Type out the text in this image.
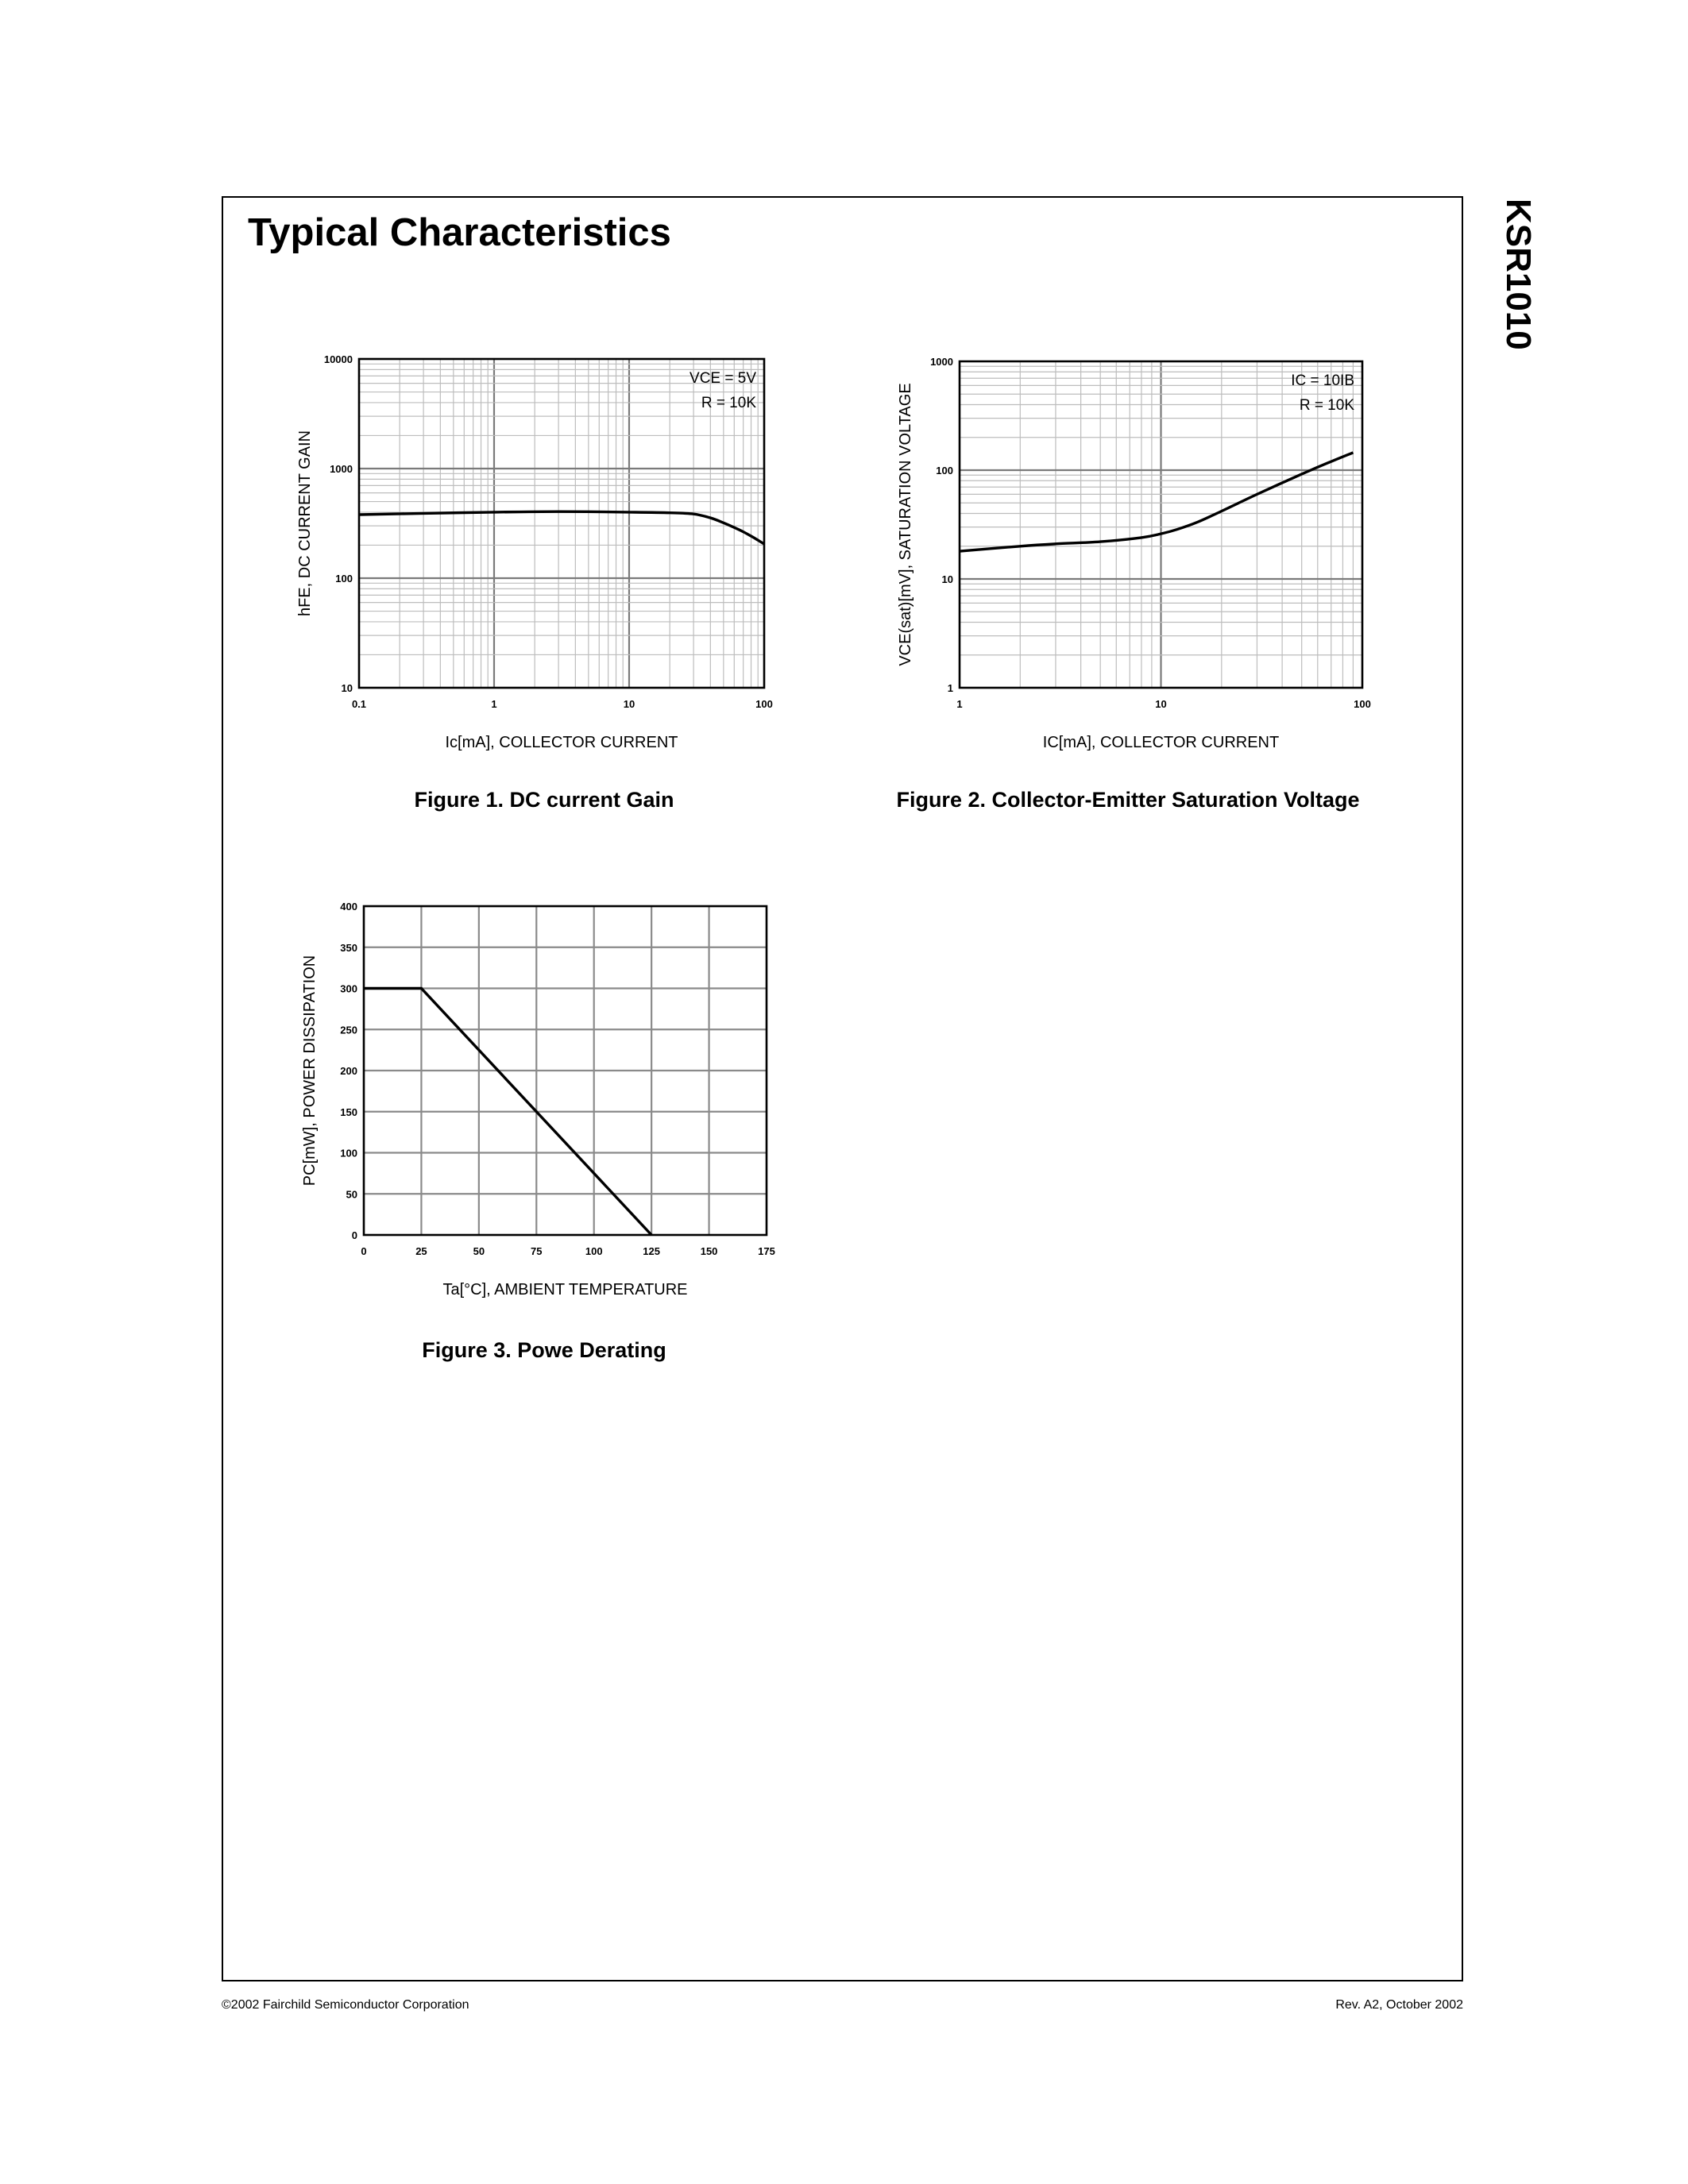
Typical Characteristics	KSR1010
0.1	1	10	100
10
100
1000
10000
Ic[mA], COLLECTOR CURRENT
hFE, DC CURRENT GAIN
VCE = 5V
R = 10K
Figure 1. DC current Gain
1	10	100
1
10
100
1000
IC[mA], COLLECTOR CURRENT
VCE(sat)[mV], SATURATION VOLTAGE
IC = 10IB
R = 10K
Figure 2. Collector-Emitter Saturation Voltage
0	25	50	75	100	125	150	175
0
50
100
150
200
250
300
350
400
Ta[°C], AMBIENT TEMPERATURE
PC[mW], POWER DISSIPATION
Figure 3. Powe Derating
©2002 Fairchild Semiconductor Corporation	Rev. A2, October 2002
